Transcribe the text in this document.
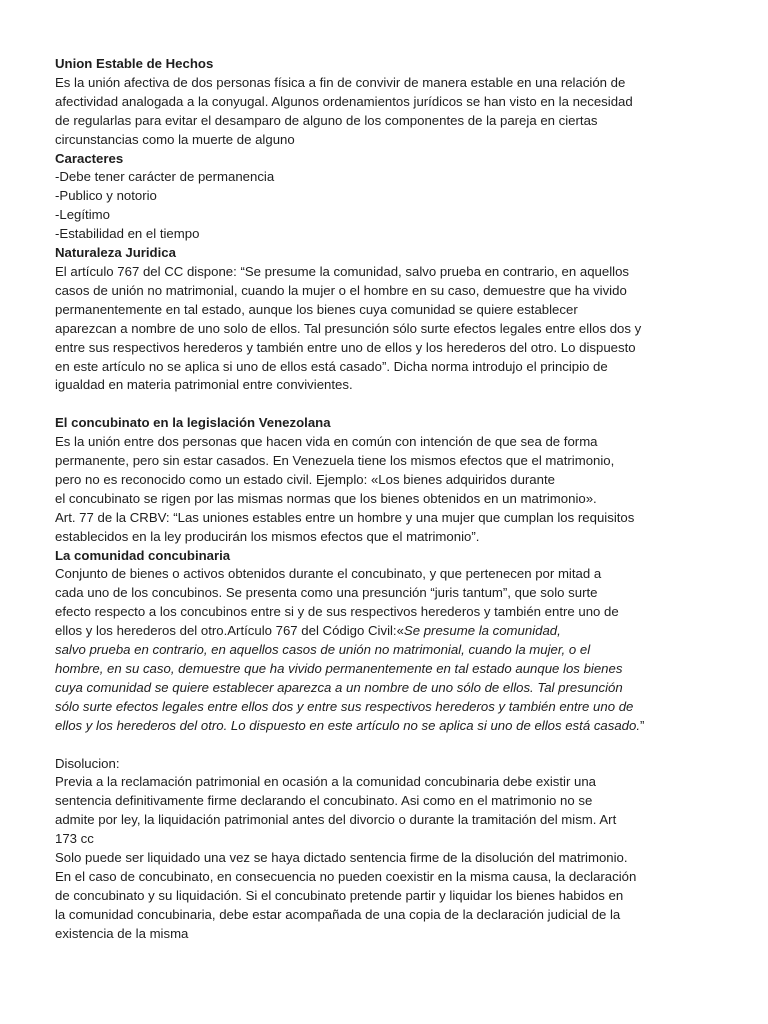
Union Estable de Hechos

Es la unión afectiva de dos personas física a fin de convivir de manera estable en una relación de

afectividad analogada a la conyugal. Algunos ordenamientos jurídicos se han visto en la necesidad

de regularlas para evitar el desamparo de alguno de los componentes de la pareja en ciertas

circunstancias como la muerte de alguno

Caracteres

-Debe tener carácter de permanencia

-Publico y notorio

-Legítimo

-Estabilidad en el tiempo

Naturaleza Juridica

El artículo 767 del CC dispone: “Se presume la comunidad, salvo prueba en contrario, en aquellos

casos de unión no matrimonial, cuando la mujer o el hombre en su caso, demuestre que ha vivido

permanentemente en tal estado, aunque los bienes cuya comunidad se quiere establecer

aparezcan a nombre de uno solo de ellos. Tal presunción sólo surte efectos legales entre ellos dos y

entre sus respectivos herederos y también entre uno de ellos y los herederos del otro. Lo dispuesto

en este artículo no se aplica si uno de ellos está casado”. Dicha norma introdujo el principio de

igualdad en materia patrimonial entre convivientes.

El concubinato en la legislación Venezolana

Es la unión entre dos personas que hacen vida en común con intención de que sea de forma

permanente, pero sin estar casados. En Venezuela tiene los mismos efectos que el matrimonio,

pero no es reconocido como un estado civil. Ejemplo: «Los bienes adquiridos durante

el concubinato se rigen por las mismas normas que los bienes obtenidos en un matrimonio».

Art. 77 de la CRBV: “Las uniones estables entre un hombre y una mujer que cumplan los requisitos

establecidos en la ley producirán los mismos efectos que el matrimonio”.

La comunidad concubinaria

Conjunto de bienes o activos obtenidos durante el concubinato, y que pertenecen por mitad a

cada uno de los concubinos. Se presenta como una presunción “juris tantum”, que solo surte

efecto respecto a los concubinos entre si y de sus respectivos herederos y también entre uno de

ellos y los herederos del otro.Artículo 767 del Código Civil:«Se presume la comunidad,

salvo prueba en contrario, en aquellos casos de unión no matrimonial, cuando la mujer, o el

hombre, en su caso, demuestre que ha vivido permanentemente en tal estado aunque los bienes

cuya comunidad se quiere establecer aparezca a un nombre de uno sólo de ellos. Tal presunción

sólo surte efectos legales entre ellos dos y entre sus respectivos herederos y también entre uno de

ellos y los herederos del otro. Lo dispuesto en este artículo no se aplica si uno de ellos está casado.”

Disolucion:

Previa a la reclamación patrimonial en ocasión a la comunidad concubinaria debe existir una

sentencia definitivamente firme declarando el concubinato. Asi como en el matrimonio no se

admite por ley, la liquidación patrimonial antes del divorcio o durante la tramitación del mism. Art

173 cc

Solo puede ser liquidado una vez se haya dictado sentencia firme de la disolución del matrimonio.

En el caso de concubinato, en consecuencia no pueden coexistir en la misma causa, la declaración

de concubinato y su liquidación. Si el concubinato pretende partir y liquidar los bienes habidos en

la comunidad concubinaria, debe estar acompañada de una copia de la declaración judicial de la

existencia de la misma
